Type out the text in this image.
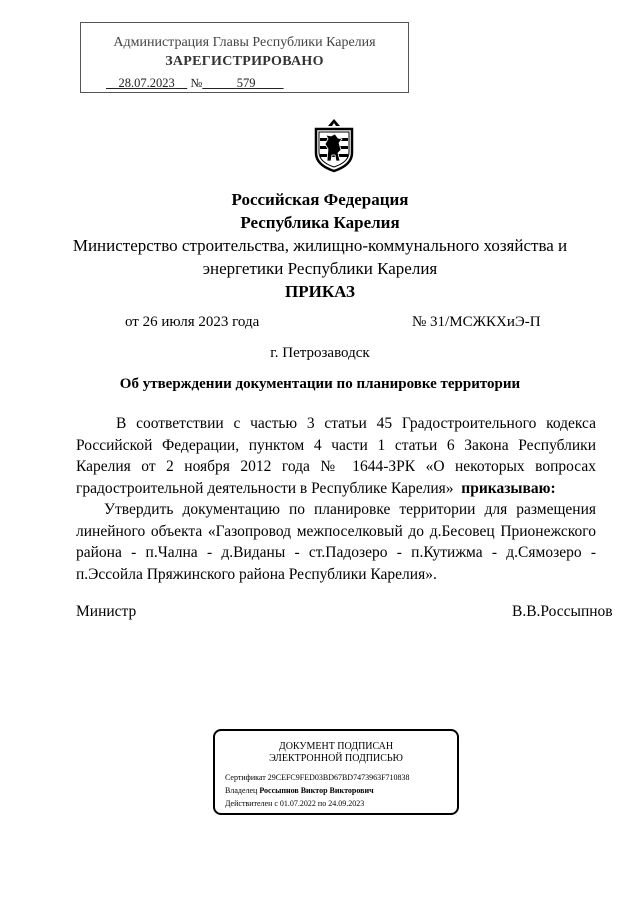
Администрация Главы Республики Карелия
ЗАРЕГИСТРИРОВАНО
28.07.2023 №	579
Российская Федерация
Республика Карелия
Министерство строительства, жилищно-коммунального хозяйства и
энергетики Республики Карелия
ПРИКАЗ
от 26 июля 2023 года	№ 31/МСЖКХиЭ-П
г. Петрозаводск
Об утверждении документации по планировке территории
В соответствии с частью 3 статьи 45 Градостроительного кодекса Российской Федерации, пунктом 4 части 1 статьи 6 Закона Республики Карелия от 2 ноября 2012 года № 1644-ЗРК «О некоторых вопросах градостроительной деятельности в Республике Карелия» приказываю:
Утвердить документацию по планировке территории для размещения линейного объекта «Газопровод межпоселковый до д.Бесовец Прионежского района - п.Чална - д.Виданы - ст.Падозеро - п.Кутижма - д.Сямозеро - п.Эссойла Пряжинского района Республики Карелия».
Министр	В.В.Россыпнов
ДОКУМЕНТ ПОДПИСАН
ЭЛЕКТРОННОЙ ПОДПИСЬЮ
Сертификат 29CEFC9FED03BD67BD7473963F710838
Владелец Россыпнов Виктор Викторович
Действителен с 01.07.2022 по 24.09.2023
